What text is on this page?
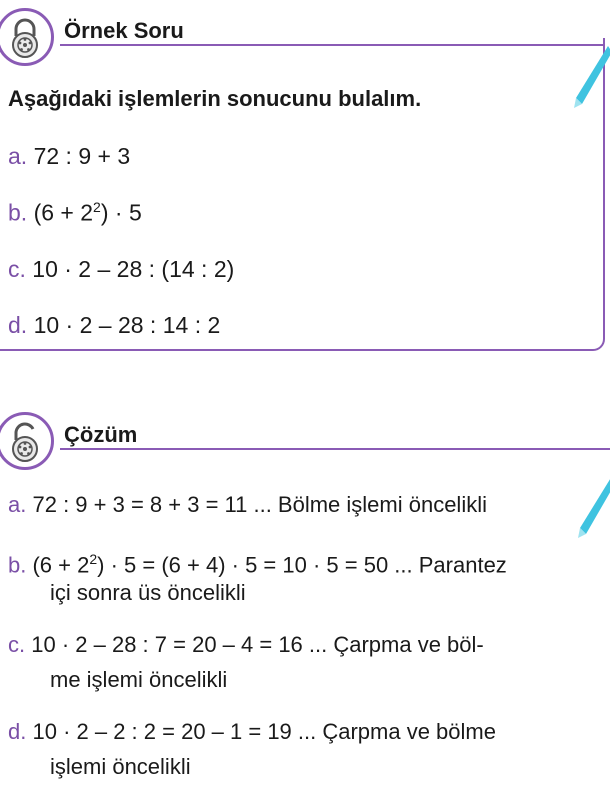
Örnek Soru
Aşağıdaki işlemlerin sonucunu bulalım.
a. 72 : 9 + 3
b. $(6 + 2^2) \cdot 5$
c. 10 · 2 – 28 : (14 : 2)
d. 10 · 2 – 28 : 14 : 2
Çözüm
a. 72 : 9 + 3 = 8 + 3 = 11 ... Bölme işlemi öncelikli
b. $(6 + 2^2) \cdot 5 = (6 + 4) \cdot 5 = 10 \cdot 5 = 50$ ... Parantez
içi sonra üs öncelikli
c. 10 · 2 – 28 : 7 = 20 – 4 = 16 ... Çarpma ve böl-
me işlemi öncelikli
d. 10 · 2 – 2 : 2 = 20 – 1 = 19 ... Çarpma ve bölme
işlemi öncelikli
